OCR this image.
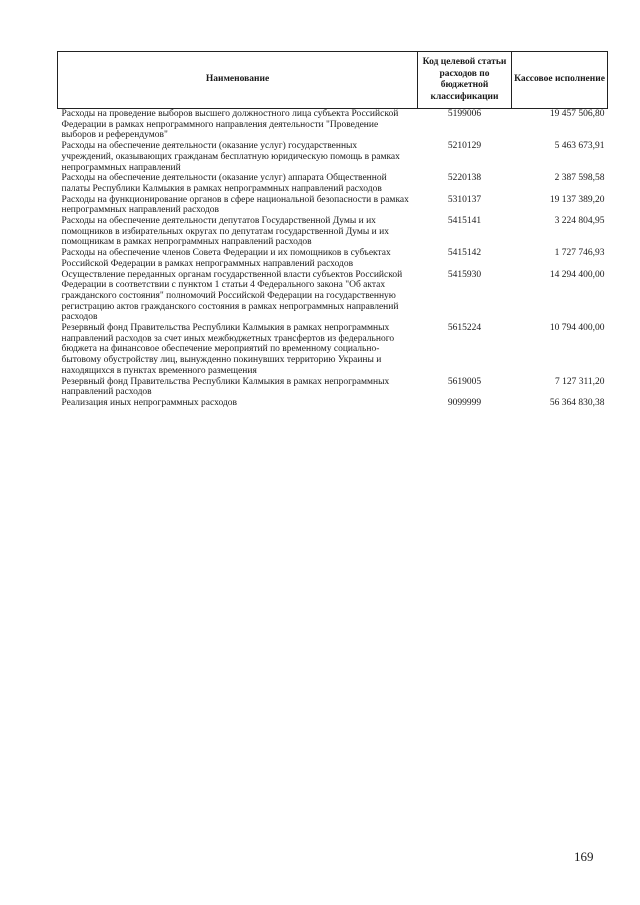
Наименование	Код целевой статьи расходов по бюджетной классификации	Кассовое исполнение
Расходы на проведение выборов высшего должностного лица субъекта Российской Федерации в рамках непрограммного направления деятельности "Проведение выборов и референдумов"	5199006	19 457 506,80
Расходы на обеспечение деятельности (оказание услуг) государственных учреждений, оказывающих гражданам бесплатную юридическую помощь в рамках непрограммных направлений	5210129	5 463 673,91
Расходы на обеспечение деятельности (оказание услуг) аппарата Общественной палаты Республики Калмыкия в рамках непрограммных направлений расходов	5220138	2 387 598,58
Расходы на функционирование органов в сфере национальной безопасности в рамках непрограммных направлений расходов	5310137	19 137 389,20
Расходы на обеспечение деятельности депутатов Государственной Думы и их помощников в избирательных округах по депутатам государственной Думы и их помощникам в рамках непрограммных направлений расходов	5415141	3 224 804,95
Расходы на обеспечение членов Совета Федерации и их помощников в субъектах Российской Федерации в рамках непрограммных направлений расходов	5415142	1 727 746,93
Осуществление переданных органам государственной власти субъектов Российской Федерации в соответствии с пунктом 1 статьи 4 Федерального закона "Об актах гражданского состояния" полномочий Российской Федерации на государственную регистрацию актов гражданского состояния в рамках непрограммных направлений расходов	5415930	14 294 400,00
Резервный фонд Правительства Республики Калмыкия в рамках непрограммных направлений расходов за счет иных межбюджетных трансфертов из федерального бюджета на финансовое обеспечение мероприятий по временному социально-бытовому обустройству лиц, вынужденно покинувших территорию Украины и находящихся в пунктах временного размещения	5615224	10 794 400,00
Резервный фонд Правительства Республики Калмыкия в рамках непрограммных направлений расходов	5619005	7 127 311,20
Реализация иных непрограммных расходов	9099999	56 364 830,38
169
